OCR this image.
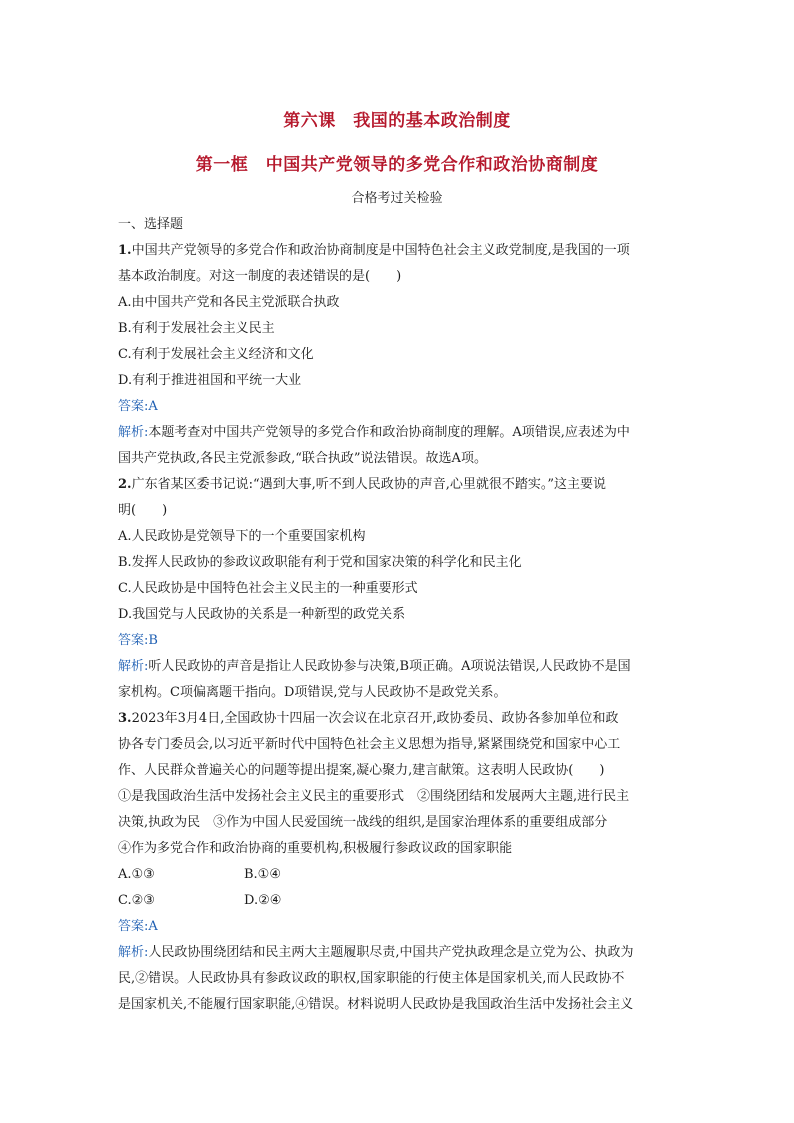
第六课　我国的基本政治制度
第一框　中国共产党领导的多党合作和政治协商制度
合格考过关检验

一、选择题

1.中国共产党领导的多党合作和政治协商制度是中国特色社会主义政党制度,是我国的一项

基本政治制度。对这一制度的表述错误的是(　　)

A.由中国共产党和各民主党派联合执政

B.有利于发展社会主义民主

C.有利于发展社会主义经济和文化

D.有利于推进祖国和平统一大业

答案:A

解析:本题考查对中国共产党领导的多党合作和政治协商制度的理解。A项错误,应表述为中

国共产党执政,各民主党派参政,“联合执政”说法错误。故选A项。

2.广东省某区委书记说:“遇到大事,听不到人民政协的声音,心里就很不踏实。”这主要说

明(　　)

A.人民政协是党领导下的一个重要国家机构

B.发挥人民政协的参政议政职能有利于党和国家决策的科学化和民主化

C.人民政协是中国特色社会主义民主的一种重要形式

D.我国党与人民政协的关系是一种新型的政党关系

答案:B

解析:听人民政协的声音是指让人民政协参与决策,B项正确。A项说法错误,人民政协不是国

家机构。C项偏离题干指向。D项错误,党与人民政协不是政党关系。

3.2023年3月4日,全国政协十四届一次会议在北京召开,政协委员、政协各参加单位和政

协各专门委员会,以习近平新时代中国特色社会主义思想为指导,紧紧围绕党和国家中心工

作、人民群众普遍关心的问题等提出提案,凝心聚力,建言献策。这表明人民政协(　　)

①是我国政治生活中发扬社会主义民主的重要形式　②围绕团结和发展两大主题,进行民主

决策,执政为民　③作为中国人民爱国统一战线的组织,是国家治理体系的重要组成部分

④作为多党合作和政治协商的重要机构,积极履行参政议政的国家职能

A.①③	B.①④

C.②③	D.②④

答案:A

解析:人民政协围绕团结和民主两大主题履职尽责,中国共产党执政理念是立党为公、执政为

民,②错误。人民政协具有参政议政的职权,国家职能的行使主体是国家机关,而人民政协不

是国家机关,不能履行国家职能,④错误。材料说明人民政协是我国政治生活中发扬社会主义
